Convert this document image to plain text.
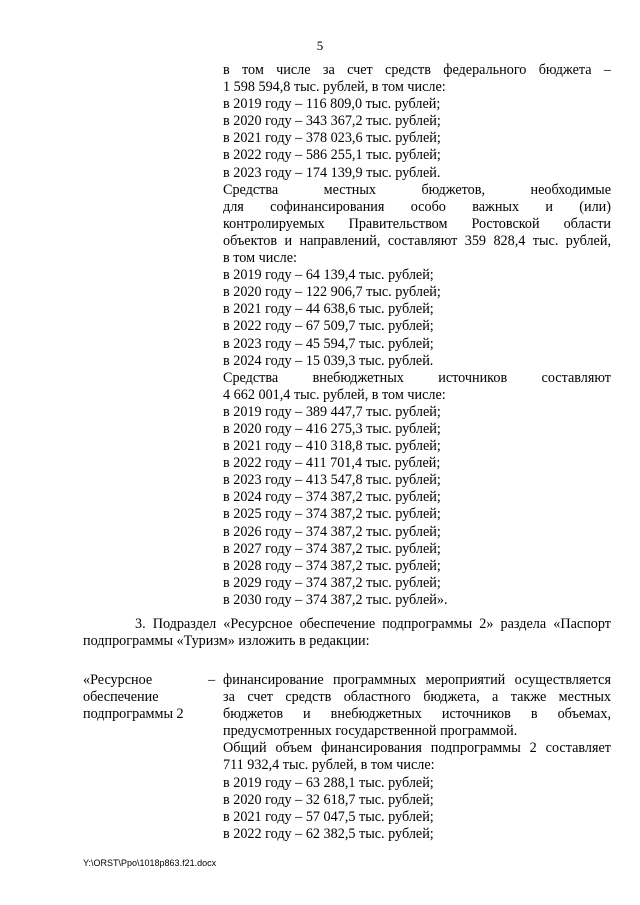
5
в том числе за счет средств федерального бюджета –
1 598 594,8 тыс. рублей, в том числе:
в 2019 году – 116 809,0 тыс. рублей;
в 2020 году – 343 367,2 тыс. рублей;
в 2021 году – 378 023,6 тыс. рублей;
в 2022 году – 586 255,1 тыс. рублей;
в 2023 году – 174 139,9 тыс. рублей.
Средства местных бюджетов, необходимые
для софинансирования особо важных и (или)
контролируемых Правительством Ростовской области
объектов и направлений, составляют 359 828,4 тыс. рублей,
в том числе:
в 2019 году – 64 139,4 тыс. рублей;
в 2020 году – 122 906,7 тыс. рублей;
в 2021 году – 44 638,6 тыс. рублей;
в 2022 году – 67 509,7 тыс. рублей;
в 2023 году – 45 594,7 тыс. рублей;
в 2024 году – 15 039,3 тыс. рублей.
Средства внебюджетных источников составляют
4 662 001,4 тыс. рублей, в том числе:
в 2019 году – 389 447,7 тыс. рублей;
в 2020 году – 416 275,3 тыс. рублей;
в 2021 году – 410 318,8 тыс. рублей;
в 2022 году – 411 701,4 тыс. рублей;
в 2023 году – 413 547,8 тыс. рублей;
в 2024 году – 374 387,2 тыс. рублей;
в 2025 году – 374 387,2 тыс. рублей;
в 2026 году – 374 387,2 тыс. рублей;
в 2027 году – 374 387,2 тыс. рублей;
в 2028 году – 374 387,2 тыс. рублей;
в 2029 году – 374 387,2 тыс. рублей;
в 2030 году – 374 387,2 тыс. рублей».
3. Подраздел «Ресурсное обеспечение подпрограммы 2» раздела «Паспорт
подпрограммы «Туризм» изложить в редакции:
«Ресурсное
обеспечение
подпрограммы 2
– финансирование программных мероприятий осуществляется
за счет средств областного бюджета, а также местных
бюджетов и внебюджетных источников в объемах,
предусмотренных государственной программой.
Общий объем финансирования подпрограммы 2 составляет
711 932,4 тыс. рублей, в том числе:
в 2019 году – 63 288,1 тыс. рублей;
в 2020 году – 32 618,7 тыс. рублей;
в 2021 году – 57 047,5 тыс. рублей;
в 2022 году – 62 382,5 тыс. рублей;
Y:\ORST\Ppo\1018p863.f21.docx
